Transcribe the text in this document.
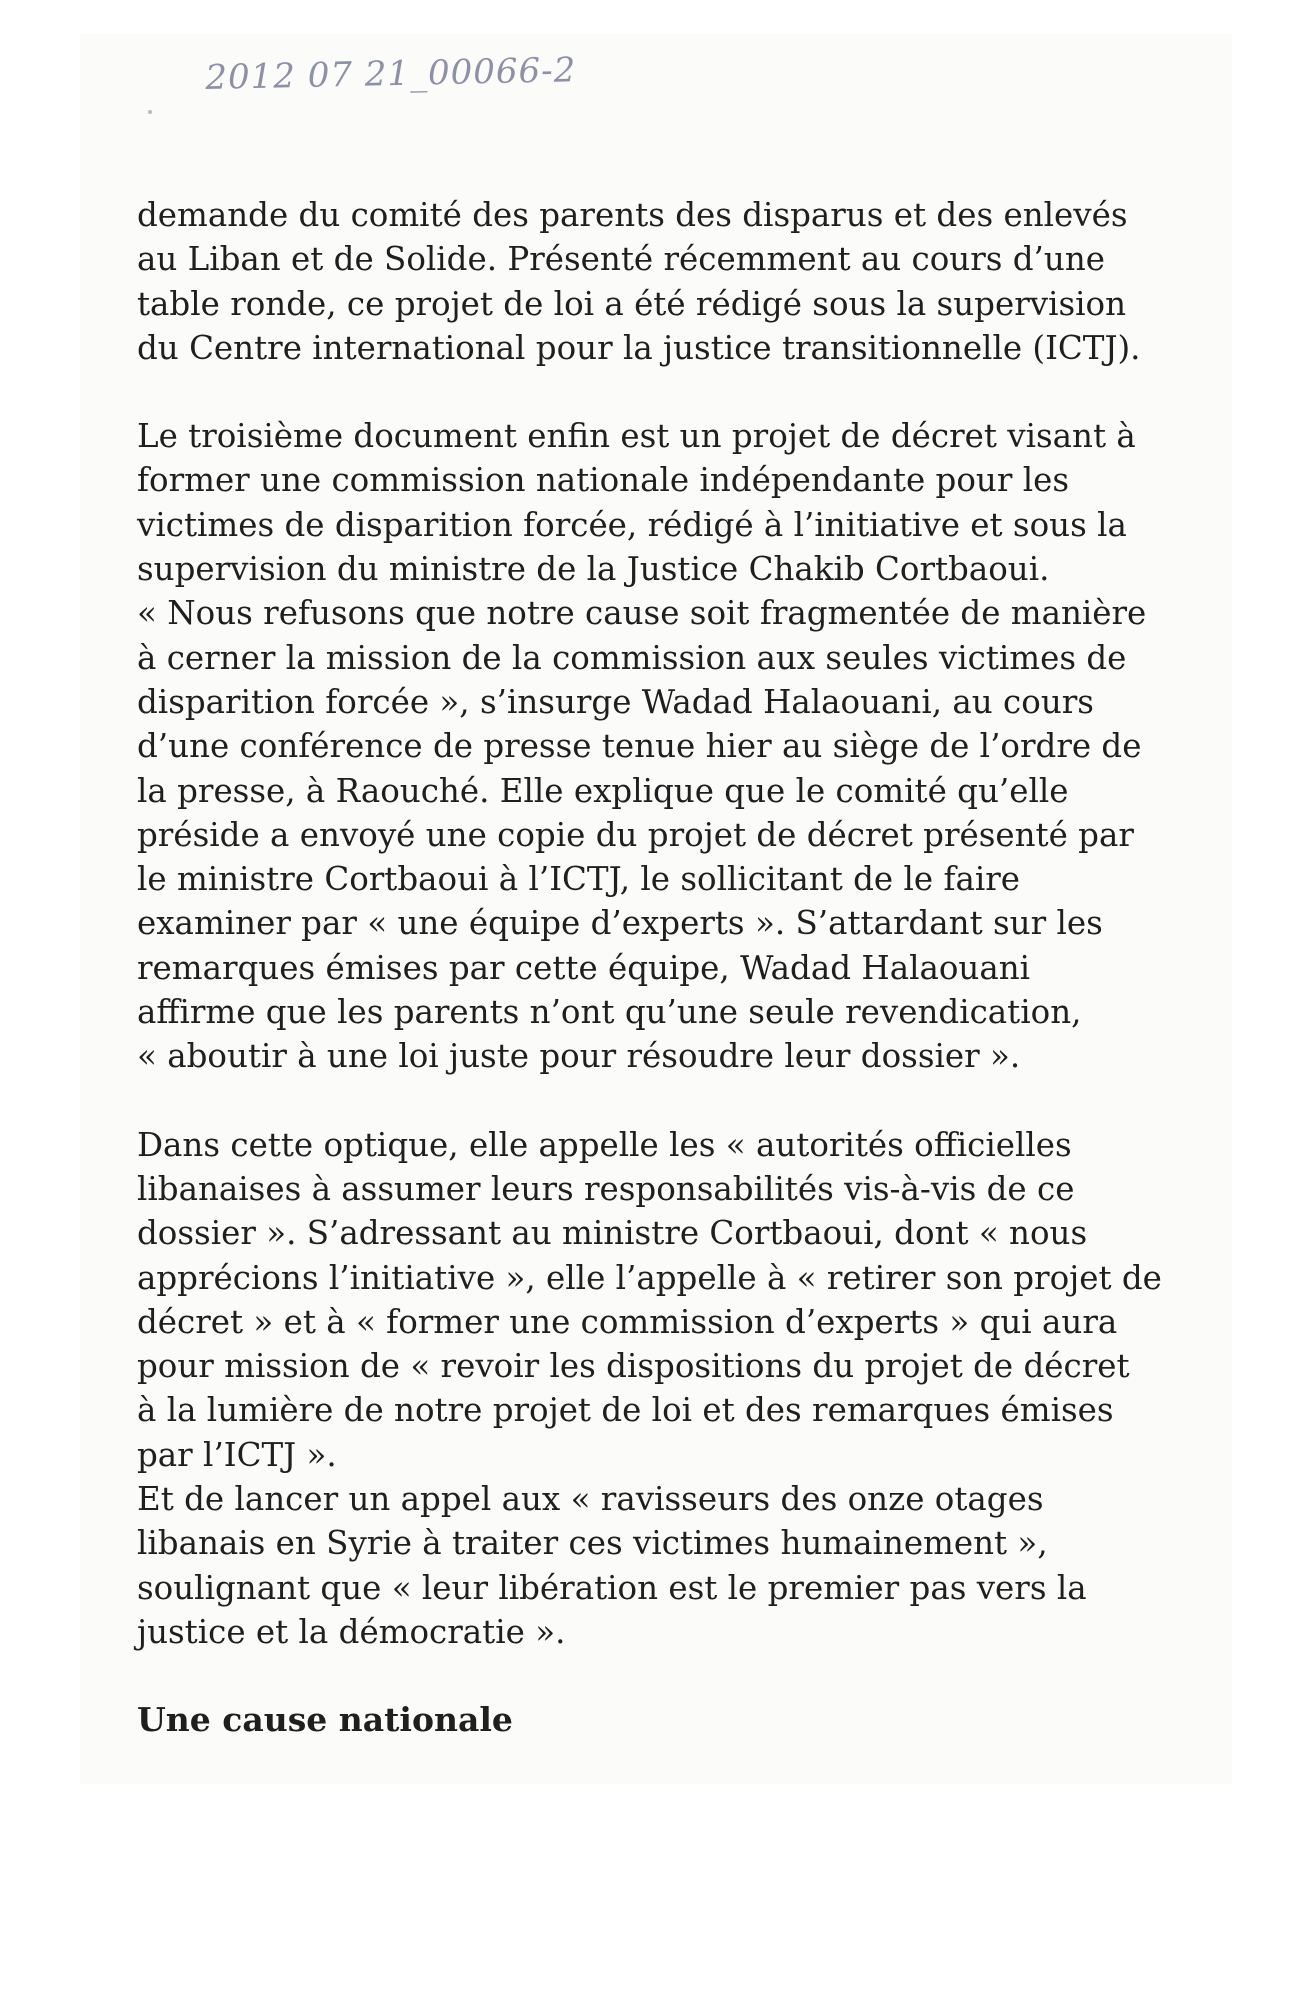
2012 07 21_00066-2
demande du comité des parents des disparus et des enlevés
au Liban et de Solide. Présenté récemment au cours d’une
table ronde, ce projet de loi a été rédigé sous la supervision
du Centre international pour la justice transitionnelle (ICTJ).
Le troisième document enfin est un projet de décret visant à
former une commission nationale indépendante pour les
victimes de disparition forcée, rédigé à l’initiative et sous la
supervision du ministre de la Justice Chakib Cortbaoui.
« Nous refusons que notre cause soit fragmentée de manière
à cerner la mission de la commission aux seules victimes de
disparition forcée », s’insurge Wadad Halaouani, au cours
d’une conférence de presse tenue hier au siège de l’ordre de
la presse, à Raouché. Elle explique que le comité qu’elle
préside a envoyé une copie du projet de décret présenté par
le ministre Cortbaoui à l’ICTJ, le sollicitant de le faire
examiner par « une équipe d’experts ». S’attardant sur les
remarques émises par cette équipe, Wadad Halaouani
affirme que les parents n’ont qu’une seule revendication,
« aboutir à une loi juste pour résoudre leur dossier ».
Dans cette optique, elle appelle les « autorités officielles
libanaises à assumer leurs responsabilités vis-à-vis de ce
dossier ». S’adressant au ministre Cortbaoui, dont « nous
apprécions l’initiative », elle l’appelle à « retirer son projet de
décret » et à « former une commission d’experts » qui aura
pour mission de « revoir les dispositions du projet de décret
à la lumière de notre projet de loi et des remarques émises
par l’ICTJ ».
Et de lancer un appel aux « ravisseurs des onze otages
libanais en Syrie à traiter ces victimes humainement »,
soulignant que « leur libération est le premier pas vers la
justice et la démocratie ».
Une cause nationale
